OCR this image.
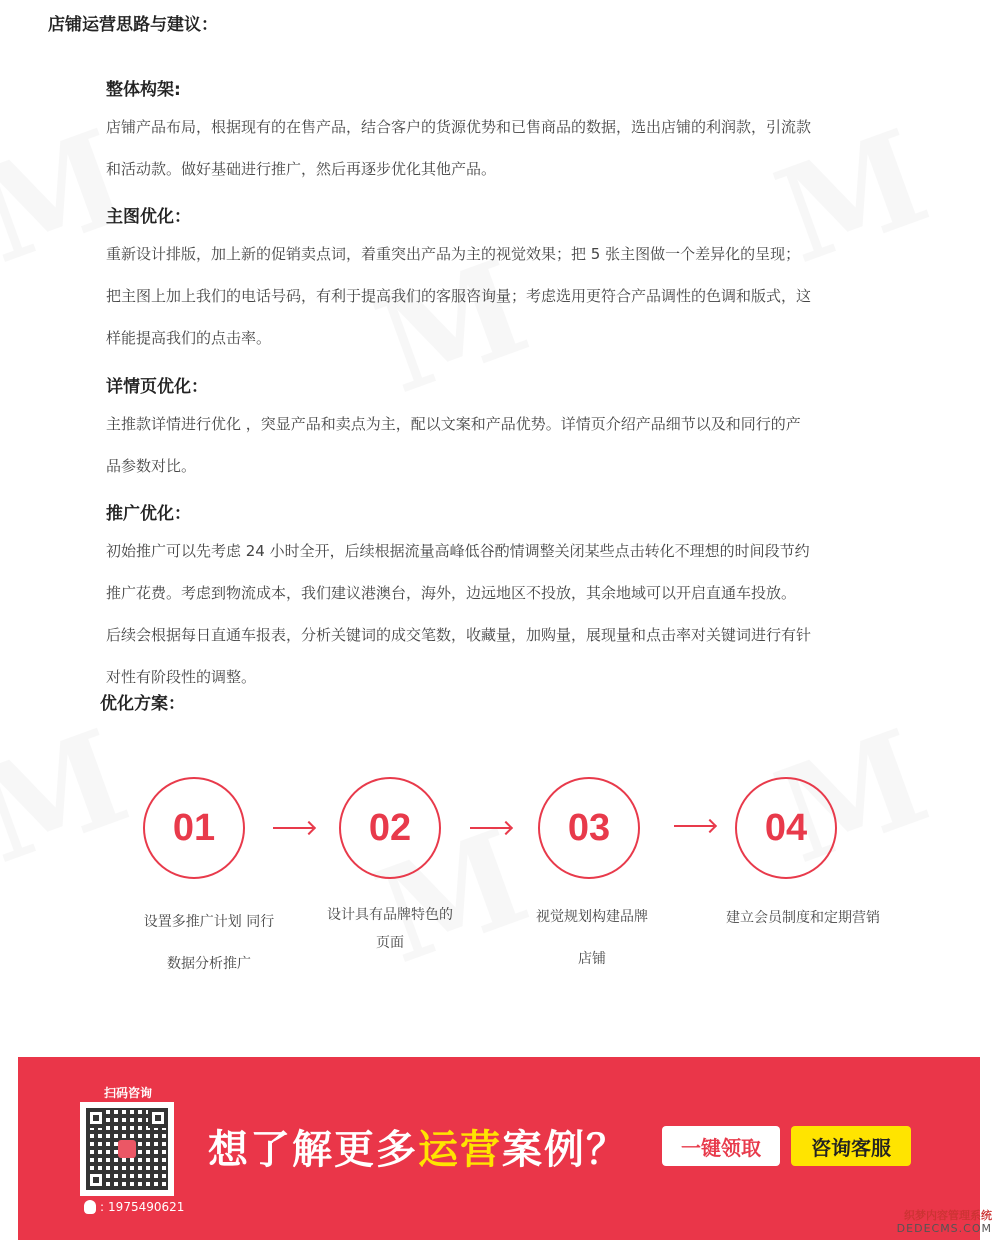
店铺运营思路与建议：
整体构架:
店铺产品布局，根据现有的在售产品，结合客户的货源优势和已售商品的数据，选出店铺的利润款，引流款
和活动款。做好基础进行推广，然后再逐步优化其他产品。
主图优化：
重新设计排版，加上新的促销卖点词，着重突出产品为主的视觉效果；把 5 张主图做一个差异化的呈现；
把主图上加上我们的电话号码，有利于提高我们的客服咨询量；考虑选用更符合产品调性的色调和版式，这
样能提高我们的点击率。
详情页优化：
主推款详情进行优化 ，突显产品和卖点为主，配以文案和产品优势。详情页介绍产品细节以及和同行的产
品参数对比。
推广优化：
初始推广可以先考虑 24 小时全开，后续根据流量高峰低谷酌情调整关闭某些点击转化不理想的时间段节约
推广花费。考虑到物流成本，我们建议港澳台，海外，边远地区不投放，其余地域可以开启直通车投放。
后续会根据每日直通车报表，分析关键词的成交笔数，收藏量，加购量，展现量和点击率对关键词进行有针
对性有阶段性的调整。
优化方案：
01	02	03	04
设置多推广计划 同行
数据分析推广
设计具有品牌特色的
页面
视觉规划构建品牌
店铺
建立会员制度和定期营销
扫码咨询
: 1975490621
想了解更多运营案例？	一键领取	咨询客服
织梦内容管理系统
DEDECMS.COM
